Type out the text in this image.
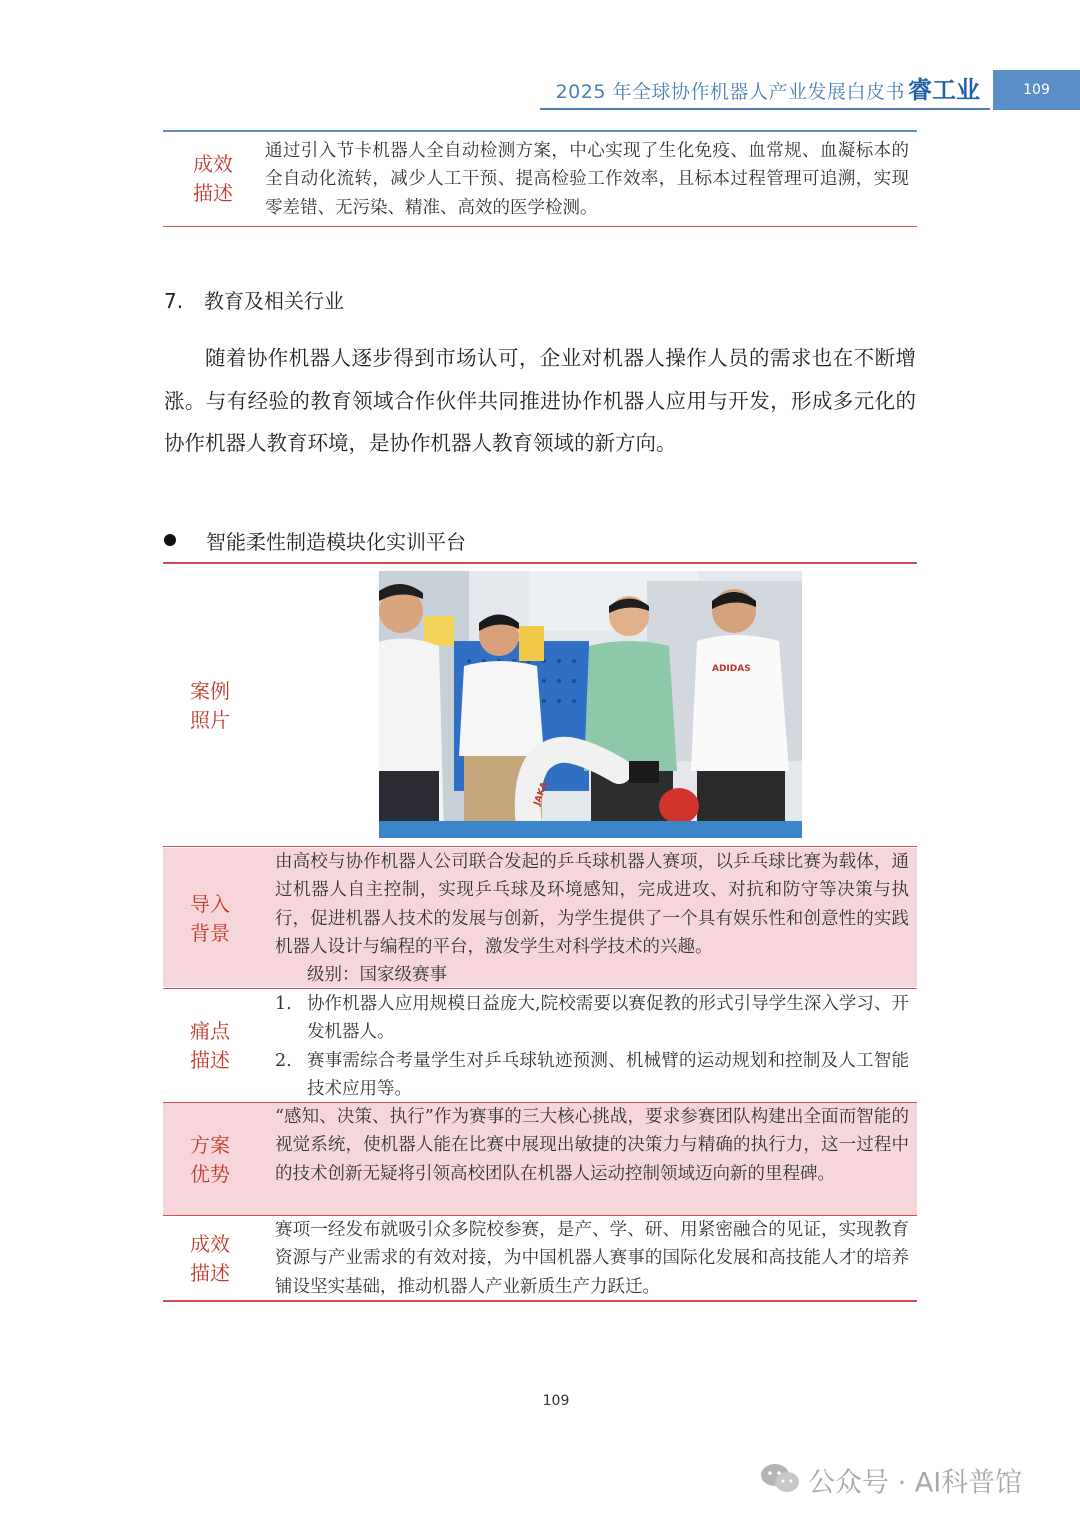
2025 年全球协作机器人产业发展白皮书 睿工业	109
成效
描述
通过引入节卡机器人全自动检测方案，中心实现了生化免疫、血常规、血凝标本的全自动化流转，减少人工干预、提高检验工作效率，且标本过程管理可追溯，实现零差错、无污染、精准、高效的医学检测。
7. 教育及相关行业
随着协作机器人逐步得到市场认可，企业对机器人操作人员的需求也在不断增涨。与有经验的教育领域合作伙伴共同推进协作机器人应用与开发，形成多元化的协作机器人教育环境，是协作机器人教育领域的新方向。
智能柔性制造模块化实训平台
案例
照片
ADIDAS
JAKA
导入
背景
由高校与协作机器人公司联合发起的乒乓球机器人赛项，以乒乓球比赛为载体，通过机器人自主控制，实现乒乓球及环境感知，完成进攻、对抗和防守等决策与执行，促进机器人技术的发展与创新，为学生提供了一个具有娱乐性和创意性的实践机器人设计与编程的平台，激发学生对科学技术的兴趣。
级别：国家级赛事
痛点
描述
1. 协作机器人应用规模日益庞大,院校需要以赛促教的形式引导学生深入学习、开发机器人。
2. 赛事需综合考量学生对乒乓球轨迹预测、机械臂的运动规划和控制及人工智能技术应用等。
方案
优势
“感知、决策、执行”作为赛事的三大核心挑战，要求参赛团队构建出全面而智能的视觉系统，使机器人能在比赛中展现出敏捷的决策力与精确的执行力，这一过程中的技术创新无疑将引领高校团队在机器人运动控制领域迈向新的里程碑。
成效
描述
赛项一经发布就吸引众多院校参赛，是产、学、研、用紧密融合的见证，实现教育资源与产业需求的有效对接，为中国机器人赛事的国际化发展和高技能人才的培养铺设坚实基础，推动机器人产业新质生产力跃迁。
109
公众号 · AI科普馆
